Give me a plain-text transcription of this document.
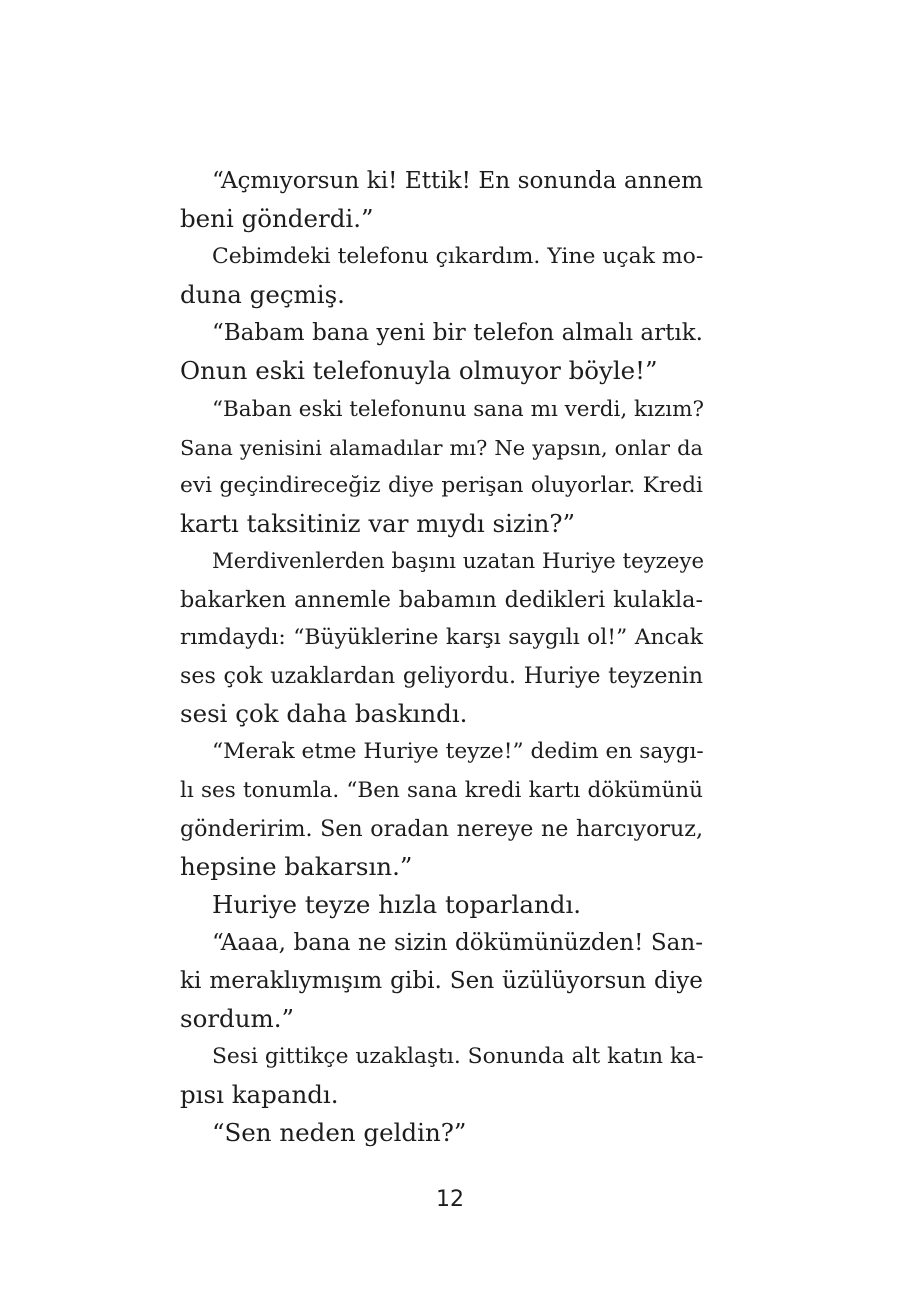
“Açmıyorsun ki! Ettik! En sonunda annem
beni gönderdi.”

Cebimdeki telefonu çıkardım. Yine uçak mo-
duna geçmiş.

“Babam bana yeni bir telefon almalı artık.
Onun eski telefonuyla olmuyor böyle!”

“Baban eski telefonunu sana mı verdi, kızım?
Sana yenisini alamadılar mı? Ne yapsın, onlar da
evi geçindireceğiz diye perişan oluyorlar. Kredi
kartı taksitiniz var mıydı sizin?”

Merdivenlerden başını uzatan Huriye teyzeye
bakarken annemle babamın dedikleri kulakla-
rımdaydı: “Büyüklerine karşı saygılı ol!” Ancak
ses çok uzaklardan geliyordu. Huriye teyzenin
sesi çok daha baskındı.

“Merak etme Huriye teyze!” dedim en saygı-
lı ses tonumla. “Ben sana kredi kartı dökümünü
gönderirim. Sen oradan nereye ne harcıyoruz,
hepsine bakarsın.”

Huriye teyze hızla toparlandı.

“Aaaa, bana ne sizin dökümünüzden! San-
ki meraklıymışım gibi. Sen üzülüyorsun diye
sordum.”

Sesi gittikçe uzaklaştı. Sonunda alt katın ka-
pısı kapandı.

“Sen neden geldin?”

12
